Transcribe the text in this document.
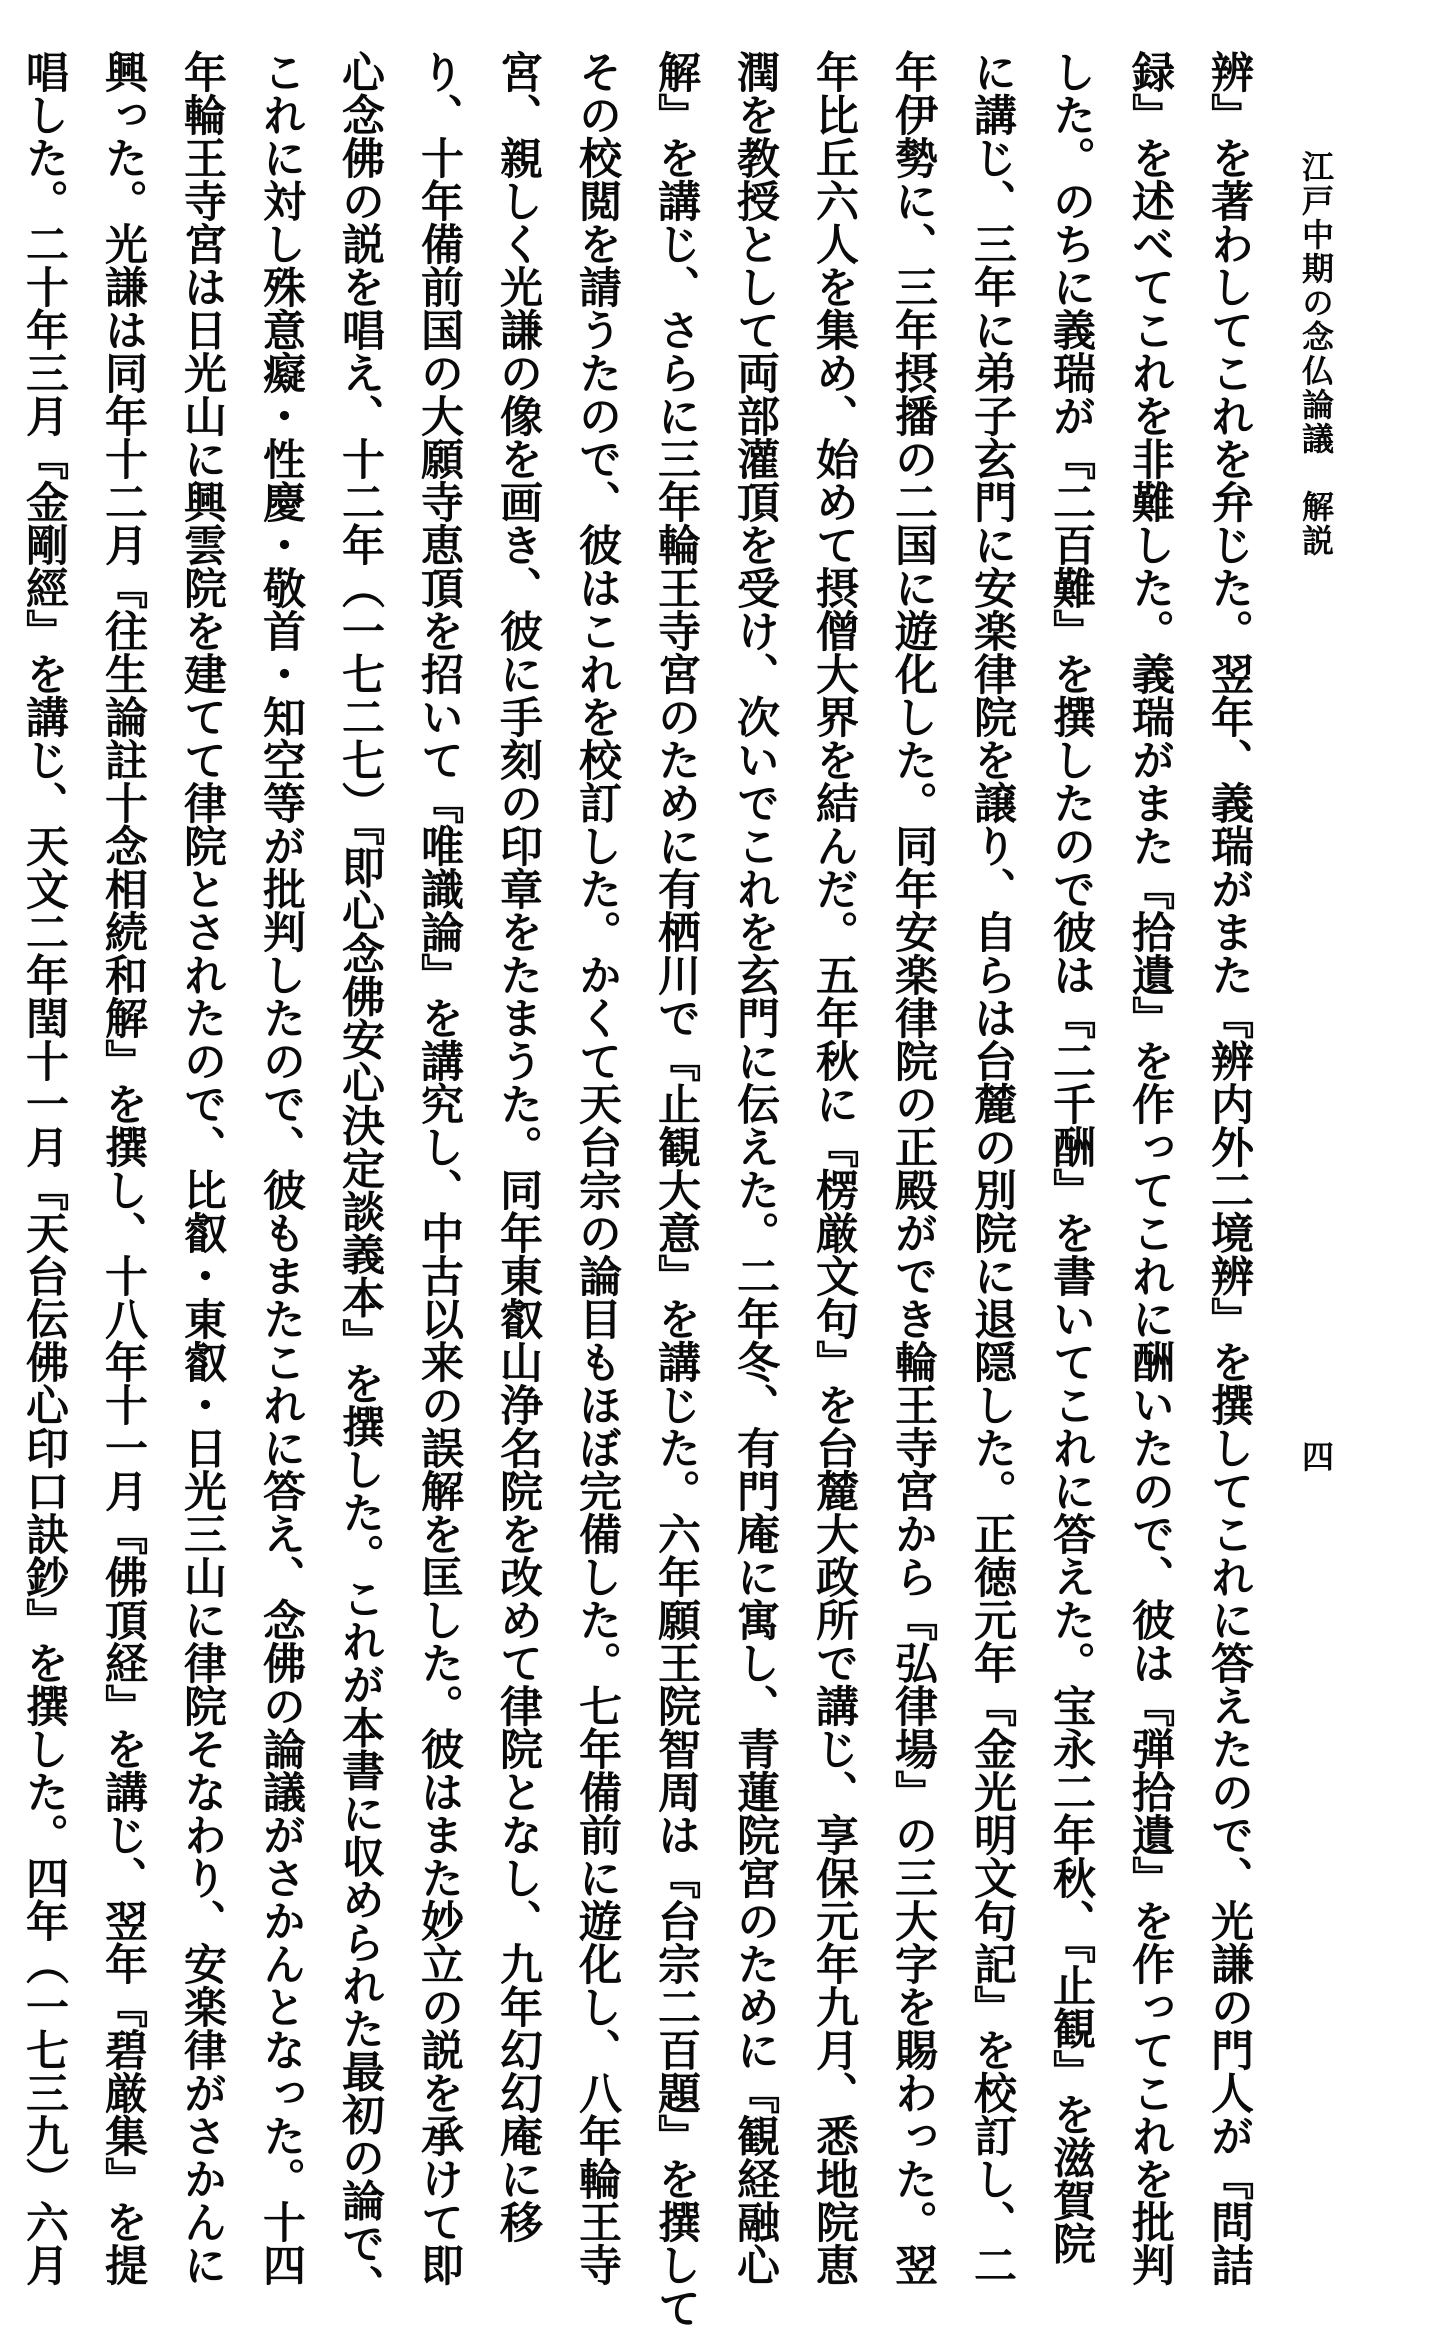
江戸中期の念仏論議　解説
四
辨』を著わしてこれを弁じた。翌年、義瑞がまた『辨内外二境辨』を撰してこれに答えたので、光謙の門人が『問詰
録』を述べてこれを非難した。義瑞がまた『拾遺』を作ってこれに酬いたので、彼は『弾拾遺』を作ってこれを批判
した。のちに義瑞が『二百難』を撰したので彼は『二千酬』を書いてこれに答えた。宝永二年秋、『止観』を滋賀院
に講じ、三年に弟子玄門に安楽律院を譲り、自らは台麓の別院に退隠した。正徳元年『金光明文句記』を校訂し、二
年伊勢に、三年摂播の二国に遊化した。同年安楽律院の正殿ができ輪王寺宮から『弘律場』の三大字を賜わった。翌
年比丘六人を集め、始めて摂僧大界を結んだ。五年秋に『楞厳文句』を台麓大政所で講じ、享保元年九月、悉地院恵
潤を教授として両部灌頂を受け、次いでこれを玄門に伝えた。二年冬、有門庵に寓し、青蓮院宮のために『観経融心
解』を講じ、さらに三年輪王寺宮のために有栖川で『止観大意』を講じた。六年願王院智周は『台宗二百題』を撰して
その校閲を請うたので、彼はこれを校訂した。かくて天台宗の論目もほぼ完備した。七年備前に遊化し、八年輪王寺
宮、親しく光謙の像を画き、彼に手刻の印章をたまうた。同年東叡山浄名院を改めて律院となし、九年幻幻庵に移
り、十年備前国の大願寺恵頂を招いて『唯識論』を講究し、中古以来の誤解を匡した。彼はまた妙立の説を承けて即
心念佛の説を唱え、十二年（一七二七）『即心念佛安心決定談義本』を撰した。これが本書に収められた最初の論で、
これに対し殊意癡・性慶・敬首・知空等が批判したので、彼もまたこれに答え、念佛の論議がさかんとなった。十四
年輪王寺宮は日光山に興雲院を建てて律院とされたので、比叡・東叡・日光三山に律院そなわり、安楽律がさかんに
興った。光謙は同年十二月『往生論註十念相続和解』を撰し、十八年十一月『佛頂経』を講じ、翌年『碧厳集』を提
唱した。二十年三月『金剛經』を講じ、天文二年閏十一月『天台伝佛心印口訣鈔』を撰した。四年（一七三九）六月
